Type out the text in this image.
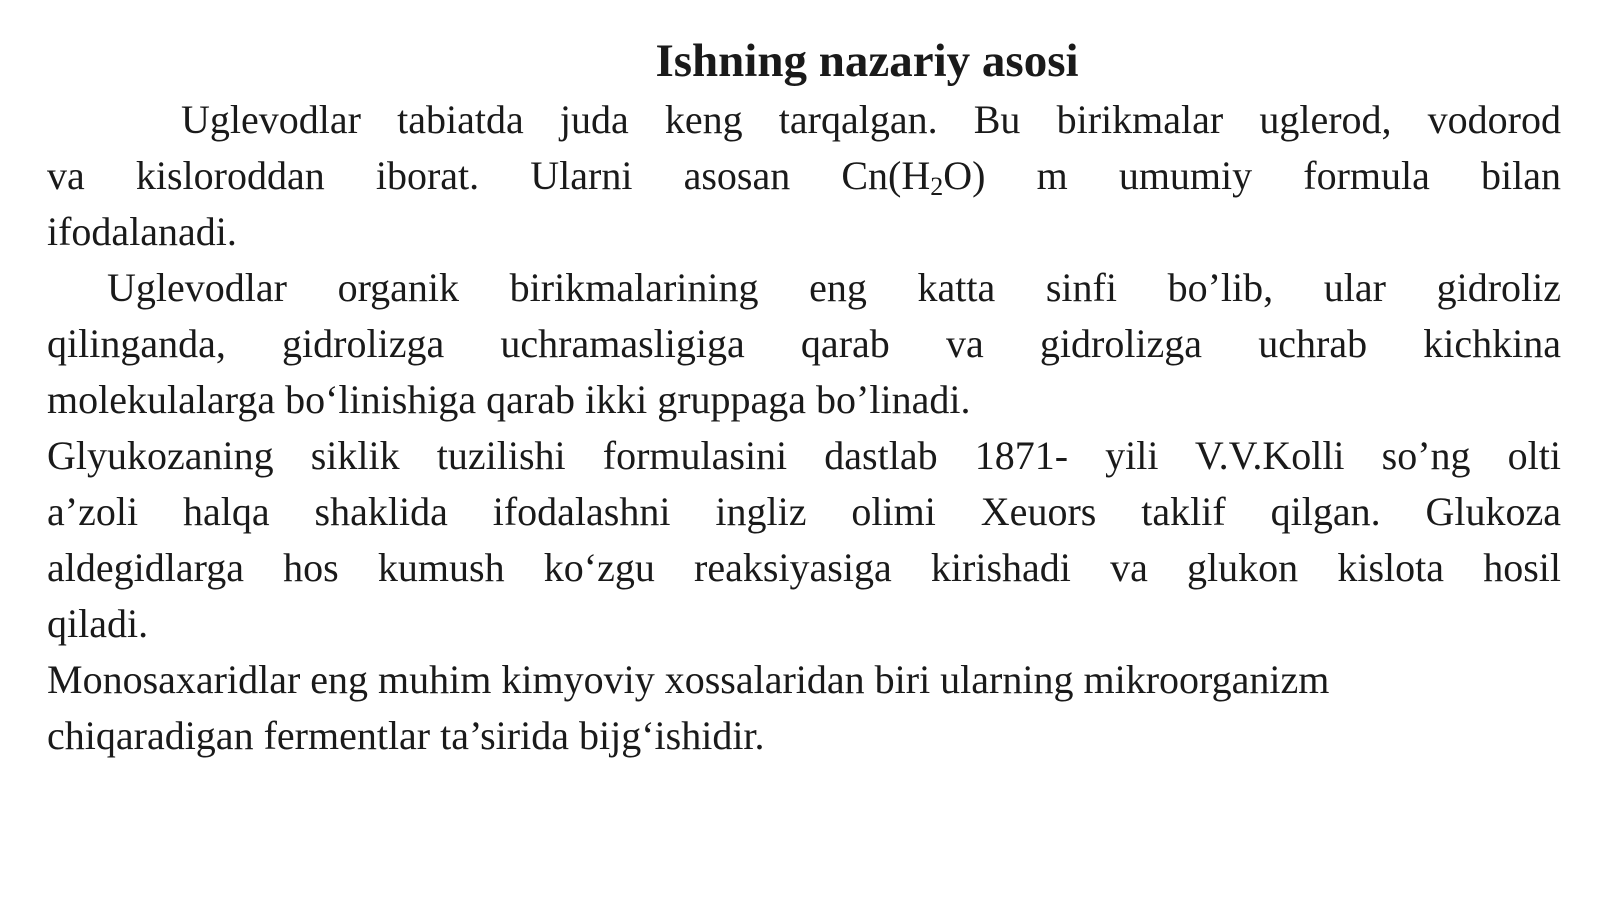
Ishning nazariy asosi
Uglevodlar tabiatda juda keng tarqalgan. Bu birikmalar uglerod, vodorod
va kisloroddan iborat. Ularni asosan $Cn(H_2O)$ m umumiy formula bilan
ifodalanadi.
Uglevodlar organik birikmalarining eng katta sinfi bo’lib, ular gidroliz
qilinganda, gidrolizga uchramasligiga qarab va gidrolizga uchrab kichkina
molekulalarga bo‘linishiga qarab ikki gruppaga bo’linadi.
Glyukozaning siklik tuzilishi formulasini dastlab 1871- yili V.V.Kolli so’ng olti
a’zoli halqa shaklida ifodalashni ingliz olimi Xeuors taklif qilgan. Glukoza
aldegidlarga hos kumush ko‘zgu reaksiyasiga kirishadi va glukon kislota hosil
qiladi.
Monosaxaridlar eng muhim kimyoviy xossalaridan biri ularning mikroorganizm
chiqaradigan fermentlar ta’sirida bijg‘ishidir.
